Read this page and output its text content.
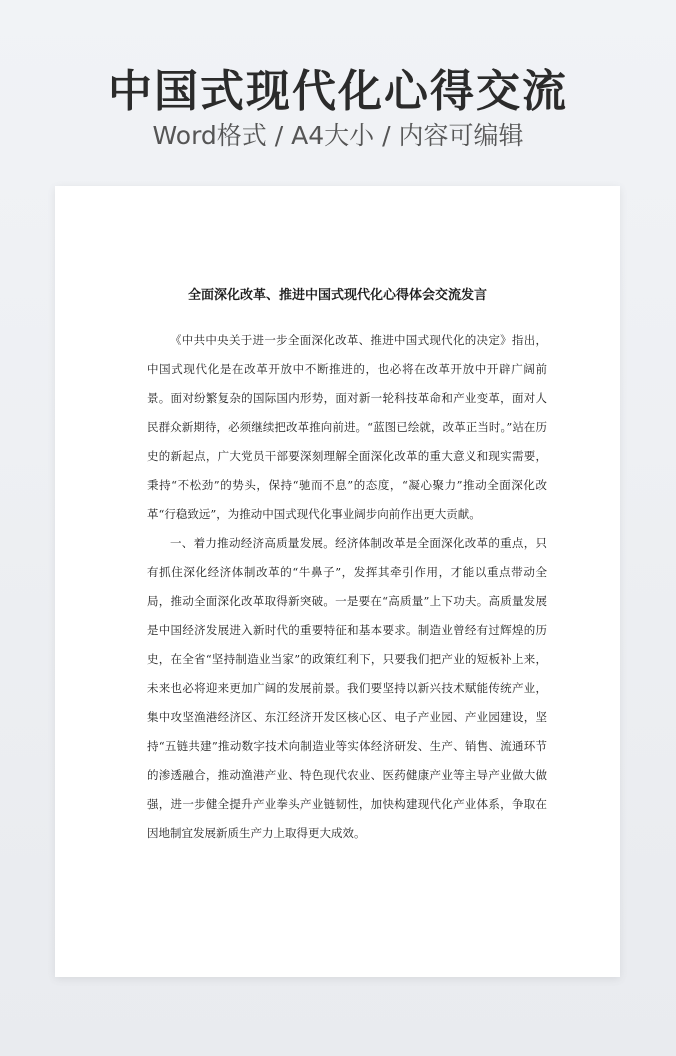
中国式现代化心得交流
Word格式 / A4大小 / 内容可编辑
全面深化改革、推进中国式现代化心得体会交流发言

《中共中央关于进一步全面深化改革、推进中国式现代化的决定》指出，中国式现代化是在改革开放中不断推进的，也必将在改革开放中开辟广阔前景。面对纷繁复杂的国际国内形势，面对新一轮科技革命和产业变革，面对人民群众新期待，必须继续把改革推向前进。“蓝图已绘就，改革正当时。”站在历史的新起点，广大党员干部要深刻理解全面深化改革的重大意义和现实需要，秉持“不松劲”的势头，保持“驰而不息”的态度，“凝心聚力”推动全面深化改革“行稳致远”，为推动中国式现代化事业阔步向前作出更大贡献。

一、着力推动经济高质量发展。经济体制改革是全面深化改革的重点，只有抓住深化经济体制改革的“牛鼻子”，发挥其牵引作用，才能以重点带动全局，推动全面深化改革取得新突破。一是要在“高质量”上下功夫。高质量发展是中国经济发展进入新时代的重要特征和基本要求。制造业曾经有过辉煌的历史，在全省“坚持制造业当家”的政策红利下，只要我们把产业的短板补上来，未来也必将迎来更加广阔的发展前景。我们要坚持以新兴技术赋能传统产业，集中攻坚渔港经济区、东江经济开发区核心区、电子产业园、产业园建设，坚持“五链共建”推动数字技术向制造业等实体经济研发、生产、销售、流通环节的渗透融合，推动渔港产业、特色现代农业、医药健康产业等主导产业做大做强，进一步健全提升产业拳头产业链韧性，加快构建现代化产业体系，争取在因地制宜发展新质生产力上取得更大成效。
